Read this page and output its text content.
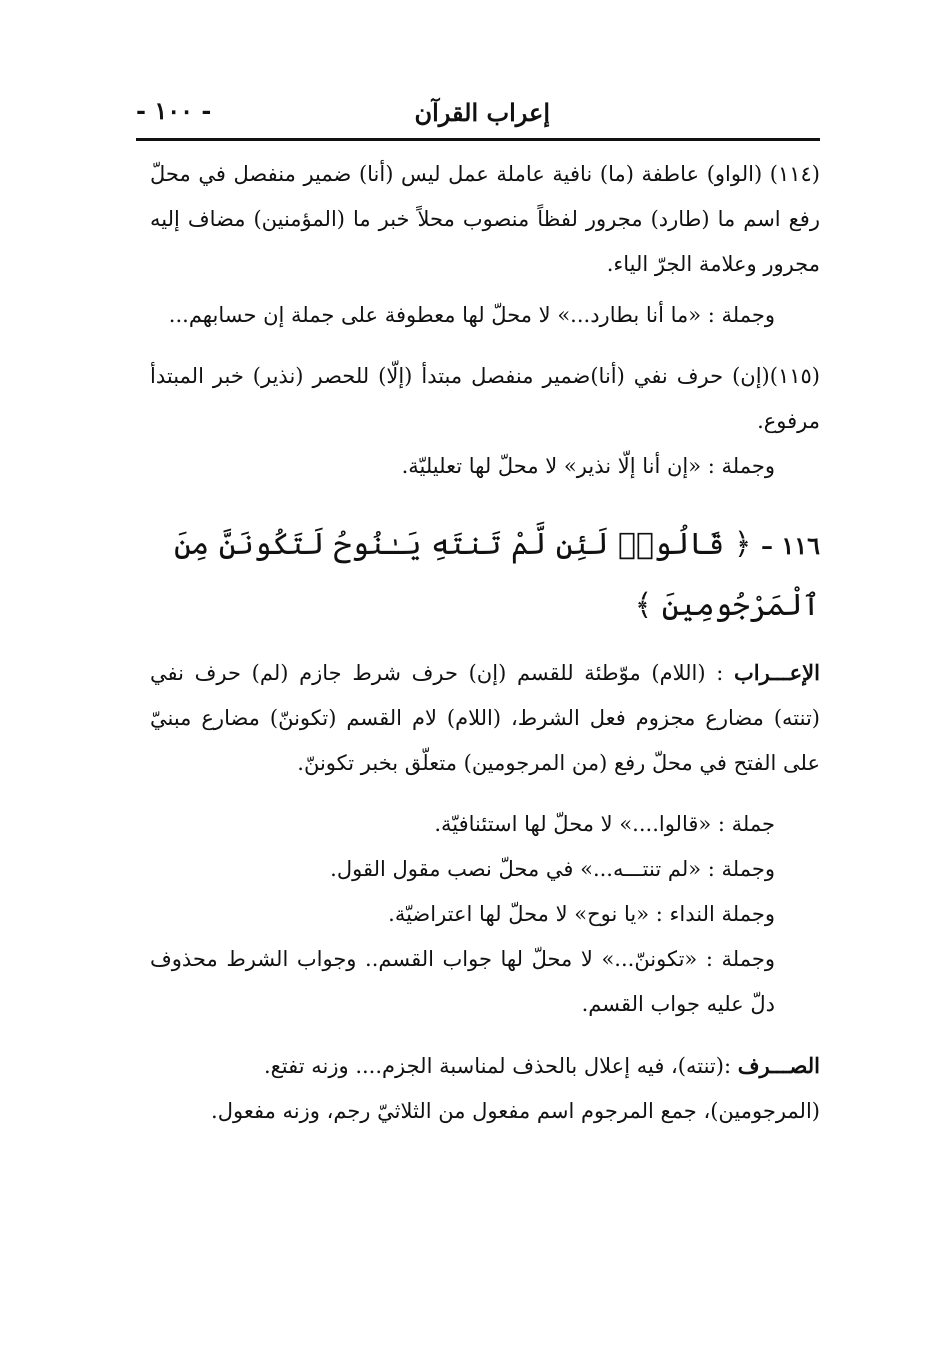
إعراب القرآن
- ١٠٠ -

(١١٤) (الواو) عاطفة (ما) نافية عاملة عمل ليس (أنا) ضمير منفصل في محلّ رفع اسم ما (طارد) مجرور لفظاً منصوب محلاً خبر ما (المؤمنين) مضاف إليه مجرور وعلامة الجرّ الياء.

وجملة : «ما أنا بطارد...» لا محلّ لها معطوفة على جملة إن حسابهم...

(١١٥)(إن) حرف نفي (أنا)ضمير منفصل مبتدأ (إلّا) للحصر (نذير) خبر المبتدأ مرفوع.

وجملة : «إن أنا إلّا نذير» لا محلّ لها تعليليّة.

١١٦ – ﴿ قَالُوا۟ لَئِن لَّمْ تَنتَهِ يَـٰنُوحُ لَتَكُونَنَّ مِنَ ٱلْمَرْجُومِينَ ﴾

الإعـــراب : (اللام) موّطئة للقسم (إن) حرف شرط جازم (لم) حرف نفي (تنته) مضارع مجزوم فعل الشرط، (اللام) لام القسم (تكوننّ) مضارع مبنيّ على الفتح في محلّ رفع (من المرجومين) متعلّق بخبر تكوننّ.

جملة : «قالوا....» لا محلّ لها استئنافيّة.

وجملة : «لم تنتـــه...» في محلّ نصب مقول القول.

وجملة النداء : «يا نوح» لا محلّ لها اعتراضيّة.

وجملة : «تكوننّ...» لا محلّ لها جواب القسم.. وجواب الشرط محذوف دلّ عليه جواب القسم.

الصـــرف :(تنته)، فيه إعلال بالحذف لمناسبة الجزم.... وزنه تفتع.

(المرجومين)، جمع المرجوم اسم مفعول من الثلاثيّ رجم، وزنه مفعول.
